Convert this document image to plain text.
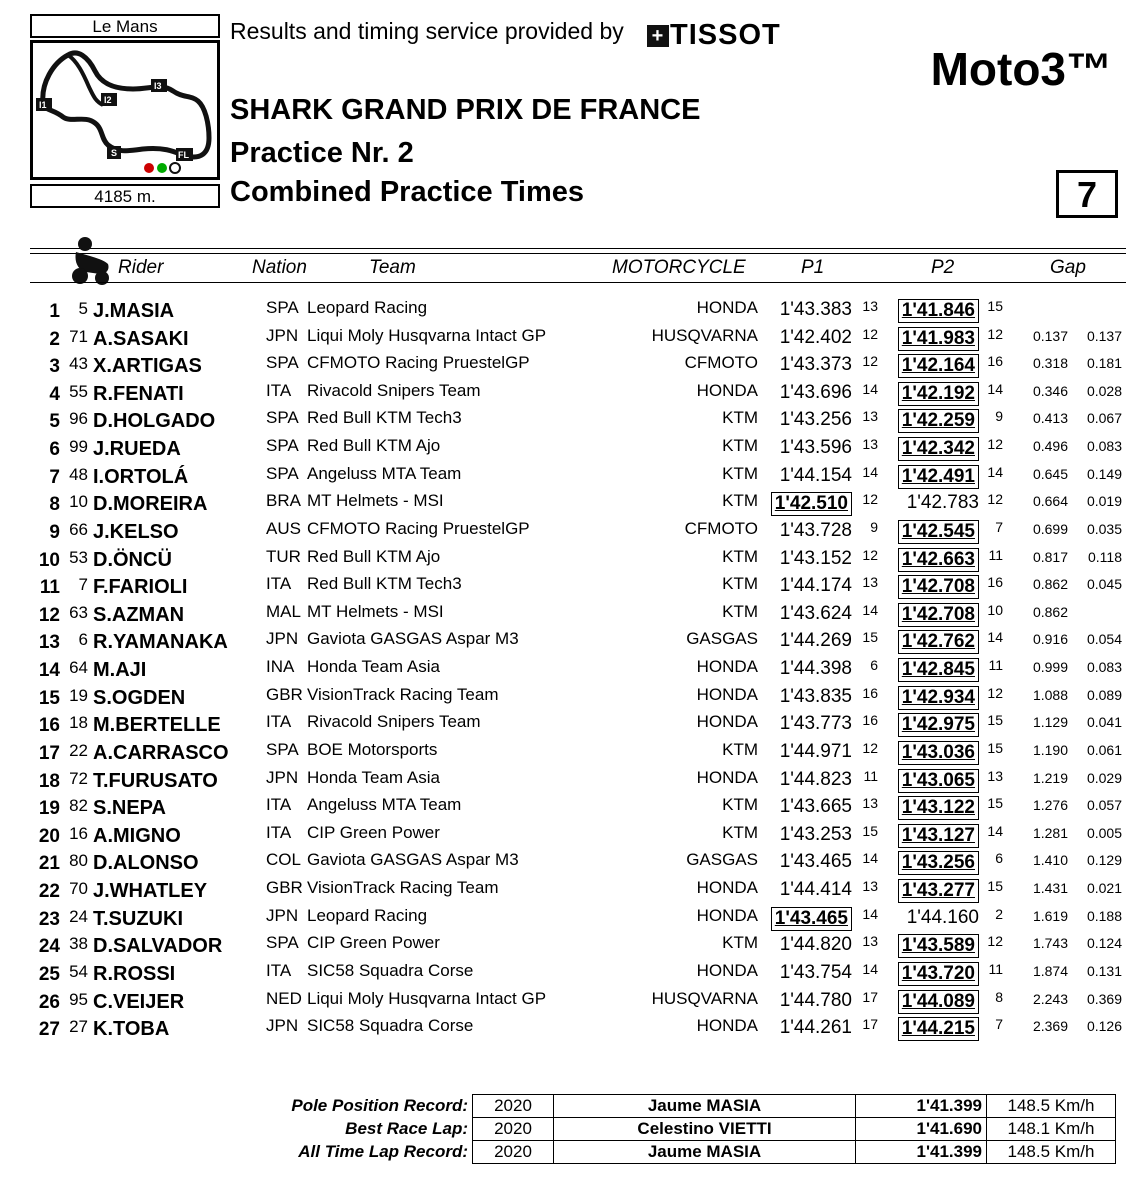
Le Mans
I1	I2
I3
S	FL
4185 m.
Results and timing service provided by + TISSOT
Moto3™
SHARK GRAND PRIX DE FRANCE
Practice Nr. 2
Combined Practice Times	7
Rider	Nation	Team	MOTORCYCLE	P1	P2	Gap
1 5 J.MASIA	SPA Leopard Racing	HONDA 1'43.383 13 1'41.846 15
2 71 A.SASAKI	JPN Liqui Moly Husqvarna Intact GP	HUSQVARNA 1'42.402 12 1'41.983 12 0.137 0.137
3 43 X.ARTIGAS	SPA CFMOTO Racing PruestelGP	CFMOTO 1'43.373 12 1'42.164 16 0.318 0.181
4 55 R.FENATI	ITA Rivacold Snipers Team	HONDA 1'43.696 14 1'42.192 14 0.346 0.028
5 96 D.HOLGADO	SPA Red Bull KTM Tech3	KTM 1'43.256 13 1'42.259 9 0.413 0.067
6 99 J.RUEDA	SPA Red Bull KTM Ajo	KTM 1'43.596 13 1'42.342 12 0.496 0.083
7 48 I.ORTOLÁ	SPA Angeluss MTA Team	KTM 1'44.154 14 1'42.491 14 0.645 0.149
8 10 D.MOREIRA	BRA MT Helmets - MSI	KTM 1'42.510 12 1'42.783 12 0.664 0.019
9 66 J.KELSO	AUS CFMOTO Racing PruestelGP	CFMOTO 1'43.728 9 1'42.545 7 0.699 0.035
10 53 D.ÖNCÜ	TUR Red Bull KTM Ajo	KTM 1'43.152 12 1'42.663 11 0.817 0.118
11 7 F.FARIOLI	ITA Red Bull KTM Tech3	KTM 1'44.174 13 1'42.708 16 0.862 0.045
12 63 S.AZMAN	MAL MT Helmets - MSI	KTM 1'43.624 14 1'42.708 10 0.862
13 6 R.YAMANAKA JPN Gaviota GASGAS Aspar M3	GASGAS 1'44.269 15 1'42.762 14 0.916 0.054
14 64 M.AJI	INA Honda Team Asia	HONDA 1'44.398 6 1'42.845 11 0.999 0.083
15 19 S.OGDEN	GBR VisionTrack Racing Team	HONDA 1'43.835 16 1'42.934 12 1.088 0.089
16 18 M.BERTELLE	ITA Rivacold Snipers Team	HONDA 1'43.773 16 1'42.975 15 1.129 0.041
17 22 A.CARRASCO SPA BOE Motorsports	KTM 1'44.971 12 1'43.036 15 1.190 0.061
18 72 T.FURUSATO	JPN Honda Team Asia	HONDA 1'44.823 11 1'43.065 13 1.219 0.029
19 82 S.NEPA	ITA Angeluss MTA Team	KTM 1'43.665 13 1'43.122 15 1.276 0.057
20 16 A.MIGNO	ITA CIP Green Power	KTM 1'43.253 15 1'43.127 14 1.281 0.005
21 80 D.ALONSO	COL Gaviota GASGAS Aspar M3	GASGAS 1'43.465 14 1'43.256 6 1.410 0.129
22 70 J.WHATLEY	GBR VisionTrack Racing Team	HONDA 1'44.414 13 1'43.277 15 1.431 0.021
23 24 T.SUZUKI	JPN Leopard Racing	HONDA 1'43.465 14 1'44.160 2 1.619 0.188
24 38 D.SALVADOR	SPA CIP Green Power	KTM 1'44.820 13 1'43.589 12 1.743 0.124
25 54 R.ROSSI	ITA SIC58 Squadra Corse	HONDA 1'43.754 14 1'43.720 11 1.874 0.131
26 95 C.VEIJER	NED Liqui Moly Husqvarna Intact GP	HUSQVARNA 1'44.780 17 1'44.089 8 2.243 0.369
27 27 K.TOBA	JPN SIC58 Squadra Corse	HONDA 1'44.261 17 1'44.215 7 2.369 0.126
Pole Position Record:	2020	Jaume MASIA	1'41.399	148.5 Km/h
Best Race Lap:	2020	Celestino VIETTI	1'41.690	148.1 Km/h
All Time Lap Record:	2020	Jaume MASIA	1'41.399	148.5 Km/h
